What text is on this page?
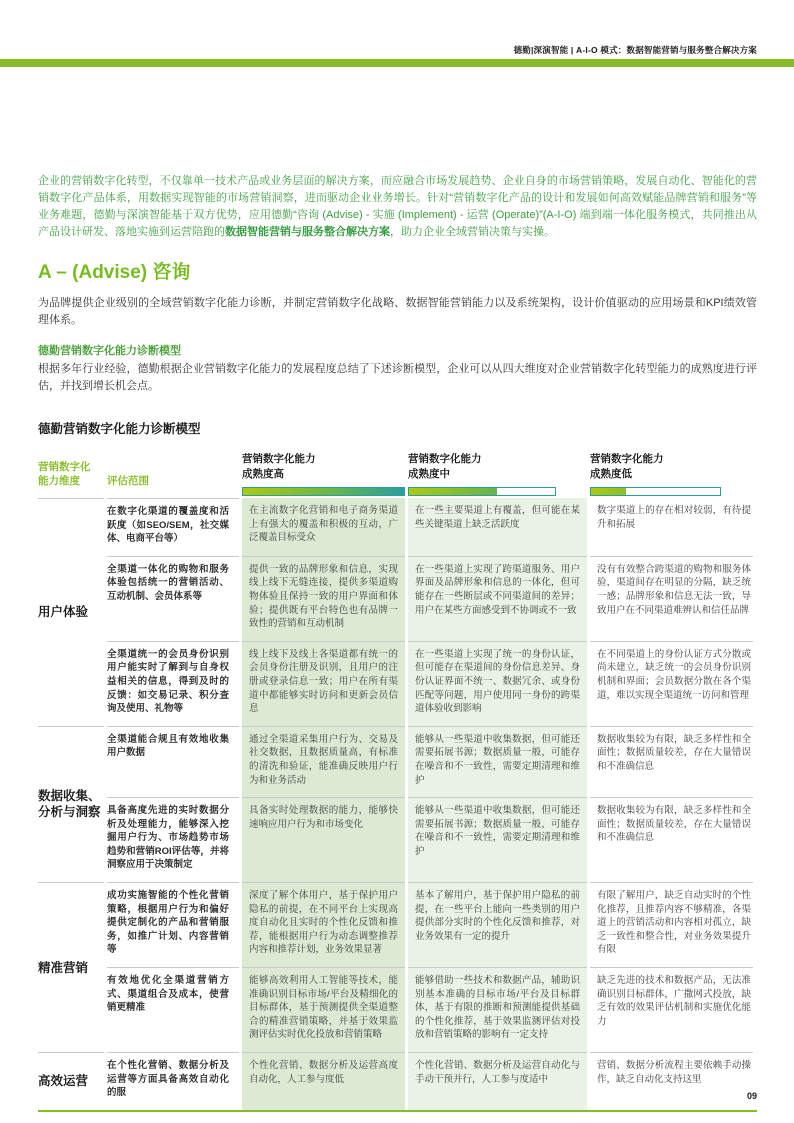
德勤|深演智能 | A-I-O 模式：数据智能营销与服务整合解决方案

企业的营销数字化转型，不仅靠单一技术产品或业务层面的解决方案，而应融合市场发展趋势、企业自身的市场营销策略，发展自动化、智能化的营销数字化产品体系，用数据实现智能的市场营销洞察，进而驱动企业业务增长。针对“营销数字化产品的设计和发展如何高效赋能品牌营销和服务”等业务难题，德勤与深演智能基于双方优势，应用德勤“咨询 (Advise) - 实施 (Implement) - 运营 (Operate)”(A-I-O) 端到端一体化服务模式，共同推出从产品设计研发、落地实施到运营陪跑的数据智能营销与服务整合解决方案，助力企业全域营销决策与实操。

A – (Advise) 咨询

为品牌提供企业级别的全域营销数字化能力诊断，并制定营销数字化战略、数据智能营销能力以及系统架构，设计价值驱动的应用场景和KPI绩效管理体系。

德勤营销数字化能力诊断模型

根据多年行业经验，德勤根据企业营销数字化能力的发展程度总结了下述诊断模型，企业可以从四大维度对企业营销数字化转型能力的成熟度进行评估，并找到增长机会点。

德勤营销数字化能力诊断模型
营销数字化
能力维度	评估范围
营销数字化能力
成熟度高
营销数字化能力
成熟度中
营销数字化能力
成熟度低
用户体验
在数字化渠道的覆盖度和活跃度（如SEO/SEM，社交媒体、电商平台等）
在主流数字化营销和电子商务渠道上有强大的覆盖和积极的互动，广泛覆盖目标受众
在一些主要渠道上有覆盖，但可能在某些关键渠道上缺乏活跃度
数字渠道上的存在相对较弱，有待提升和拓展
全渠道一体化的购物和服务体验包括统一的营销活动、互动机制、会员体系等
提供一致的品牌形象和信息，实现线上线下无缝连接，提供多渠道购物体验且保持一致的用户界面和体验；提供既有平台特色也有品牌一致性的营销和互动机制
在一些渠道上实现了跨渠道服务、用户界面及品牌形象和信息的一体化，但可能存在一些断层或不同渠道间的差异；用户在某些方面感受到不协调或不一致
没有有效整合跨渠道的购物和服务体验，渠道间存在明显的分隔，缺乏统一感；品牌形象和信息无法一致，导致用户在不同渠道难辨认和信任品牌
全渠道统一的会员身份识别 用户能实时了解到与自身权益相关的信息，得到及时的反馈：如交易记录、积分查询及使用、礼物等
线上线下及线上各渠道都有统一的会员身份注册及识别，且用户的注册或登录信息一致；用户在所有渠道中都能够实时访问和更新会员信息
在一些渠道上实现了统一的身份认证，但可能存在渠道间的身份信息差异、身份认证界面不统一、数据冗余、或身份匹配等问题，用户使用同一身份的跨渠道体验收到影响
在不同渠道上的身份认证方式分散或尚未建立，缺乏统一的会员身份识别机制和界面；会员数据分散在各个渠道，难以实现全渠道统一访问和管理
数据收集、分析与洞察
全渠道能合规且有效地收集用户数据
通过全渠道采集用户行为、交易及社交数据，且数据质量高，有标准的清洗和验证，能准确反映用户行为和业务活动
能够从一些渠道中收集数据，但可能还需要拓展书源；数据质量一般，可能存在噪音和不一致性，需要定期清理和维护
数据收集较为有限，缺乏多样性和全面性；数据质量较差，存在大量错误和不准确信息
具备高度先进的实时数据分析及处理能力，能够深入挖掘用户行为、市场趋势市场趋势和营销ROI评估等，并将洞察应用于决策制定
具备实时处理数据的能力，能够快速响应用户行为和市场变化
能够从一些渠道中收集数据，但可能还需要拓展书源；数据质量一般，可能存在噪音和不一致性，需要定期清理和维护
数据收集较为有限，缺乏多样性和全面性；数据质量较差，存在大量错误和不准确信息
精准营销
成功实施智能的个性化营销策略，根据用户行为和偏好提供定制化的产品和营销服务，如推广计划、内容营销等
深度了解个体用户，基于保护用户隐私的前提，在不同平台上实现高度自动化且实时的个性化反馈和推荐，能根据用户行为动态调整推荐内容和推荐计划，业务效果显著
基本了解用户，基于保护用户隐私的前提，在一些平台上能向一些类别的用户提供部分实时的个性化反馈和推荐，对业务效果有一定的提升
有限了解用户，缺乏自动实时的个性化推荐，且推荐内容不够精准，各渠道上的营销活动和内容相对孤立，缺乏一致性和整合性，对业务效果提升有限
有效地优化全渠道营销方式、渠道组合及成本，使营销更精准
能够高效利用人工智能等技术，能准确识别目标市场/平台及精细化的目标群体，基于预测提供全渠道整合的精准营销策略，并基于效果监测评估实时优化投放和营销策略
能够借助一些技术和数据产品，辅助识别基本准确的目标市场/平台及目标群体，基于有限的推断和预测能提供基础的个性化推荐，基于效果监测评估对投放和营销策略的影响有一定支持
缺乏先进的技术和数据产品，无法准确识别目标群体，广撒网式投放，缺乏有效的效果评估机制和实施优化能力
高效运营
在个性化营销、数据分析及运营等方面具备高效自动化的服
个性化营销、数据分析及运营高度自动化，人工参与度低
个性化营销、数据分析及运营自动化与手动干预并行，人工参与度适中
营销、数据分析流程主要依赖手动操作，缺乏自动化支持这里
09
